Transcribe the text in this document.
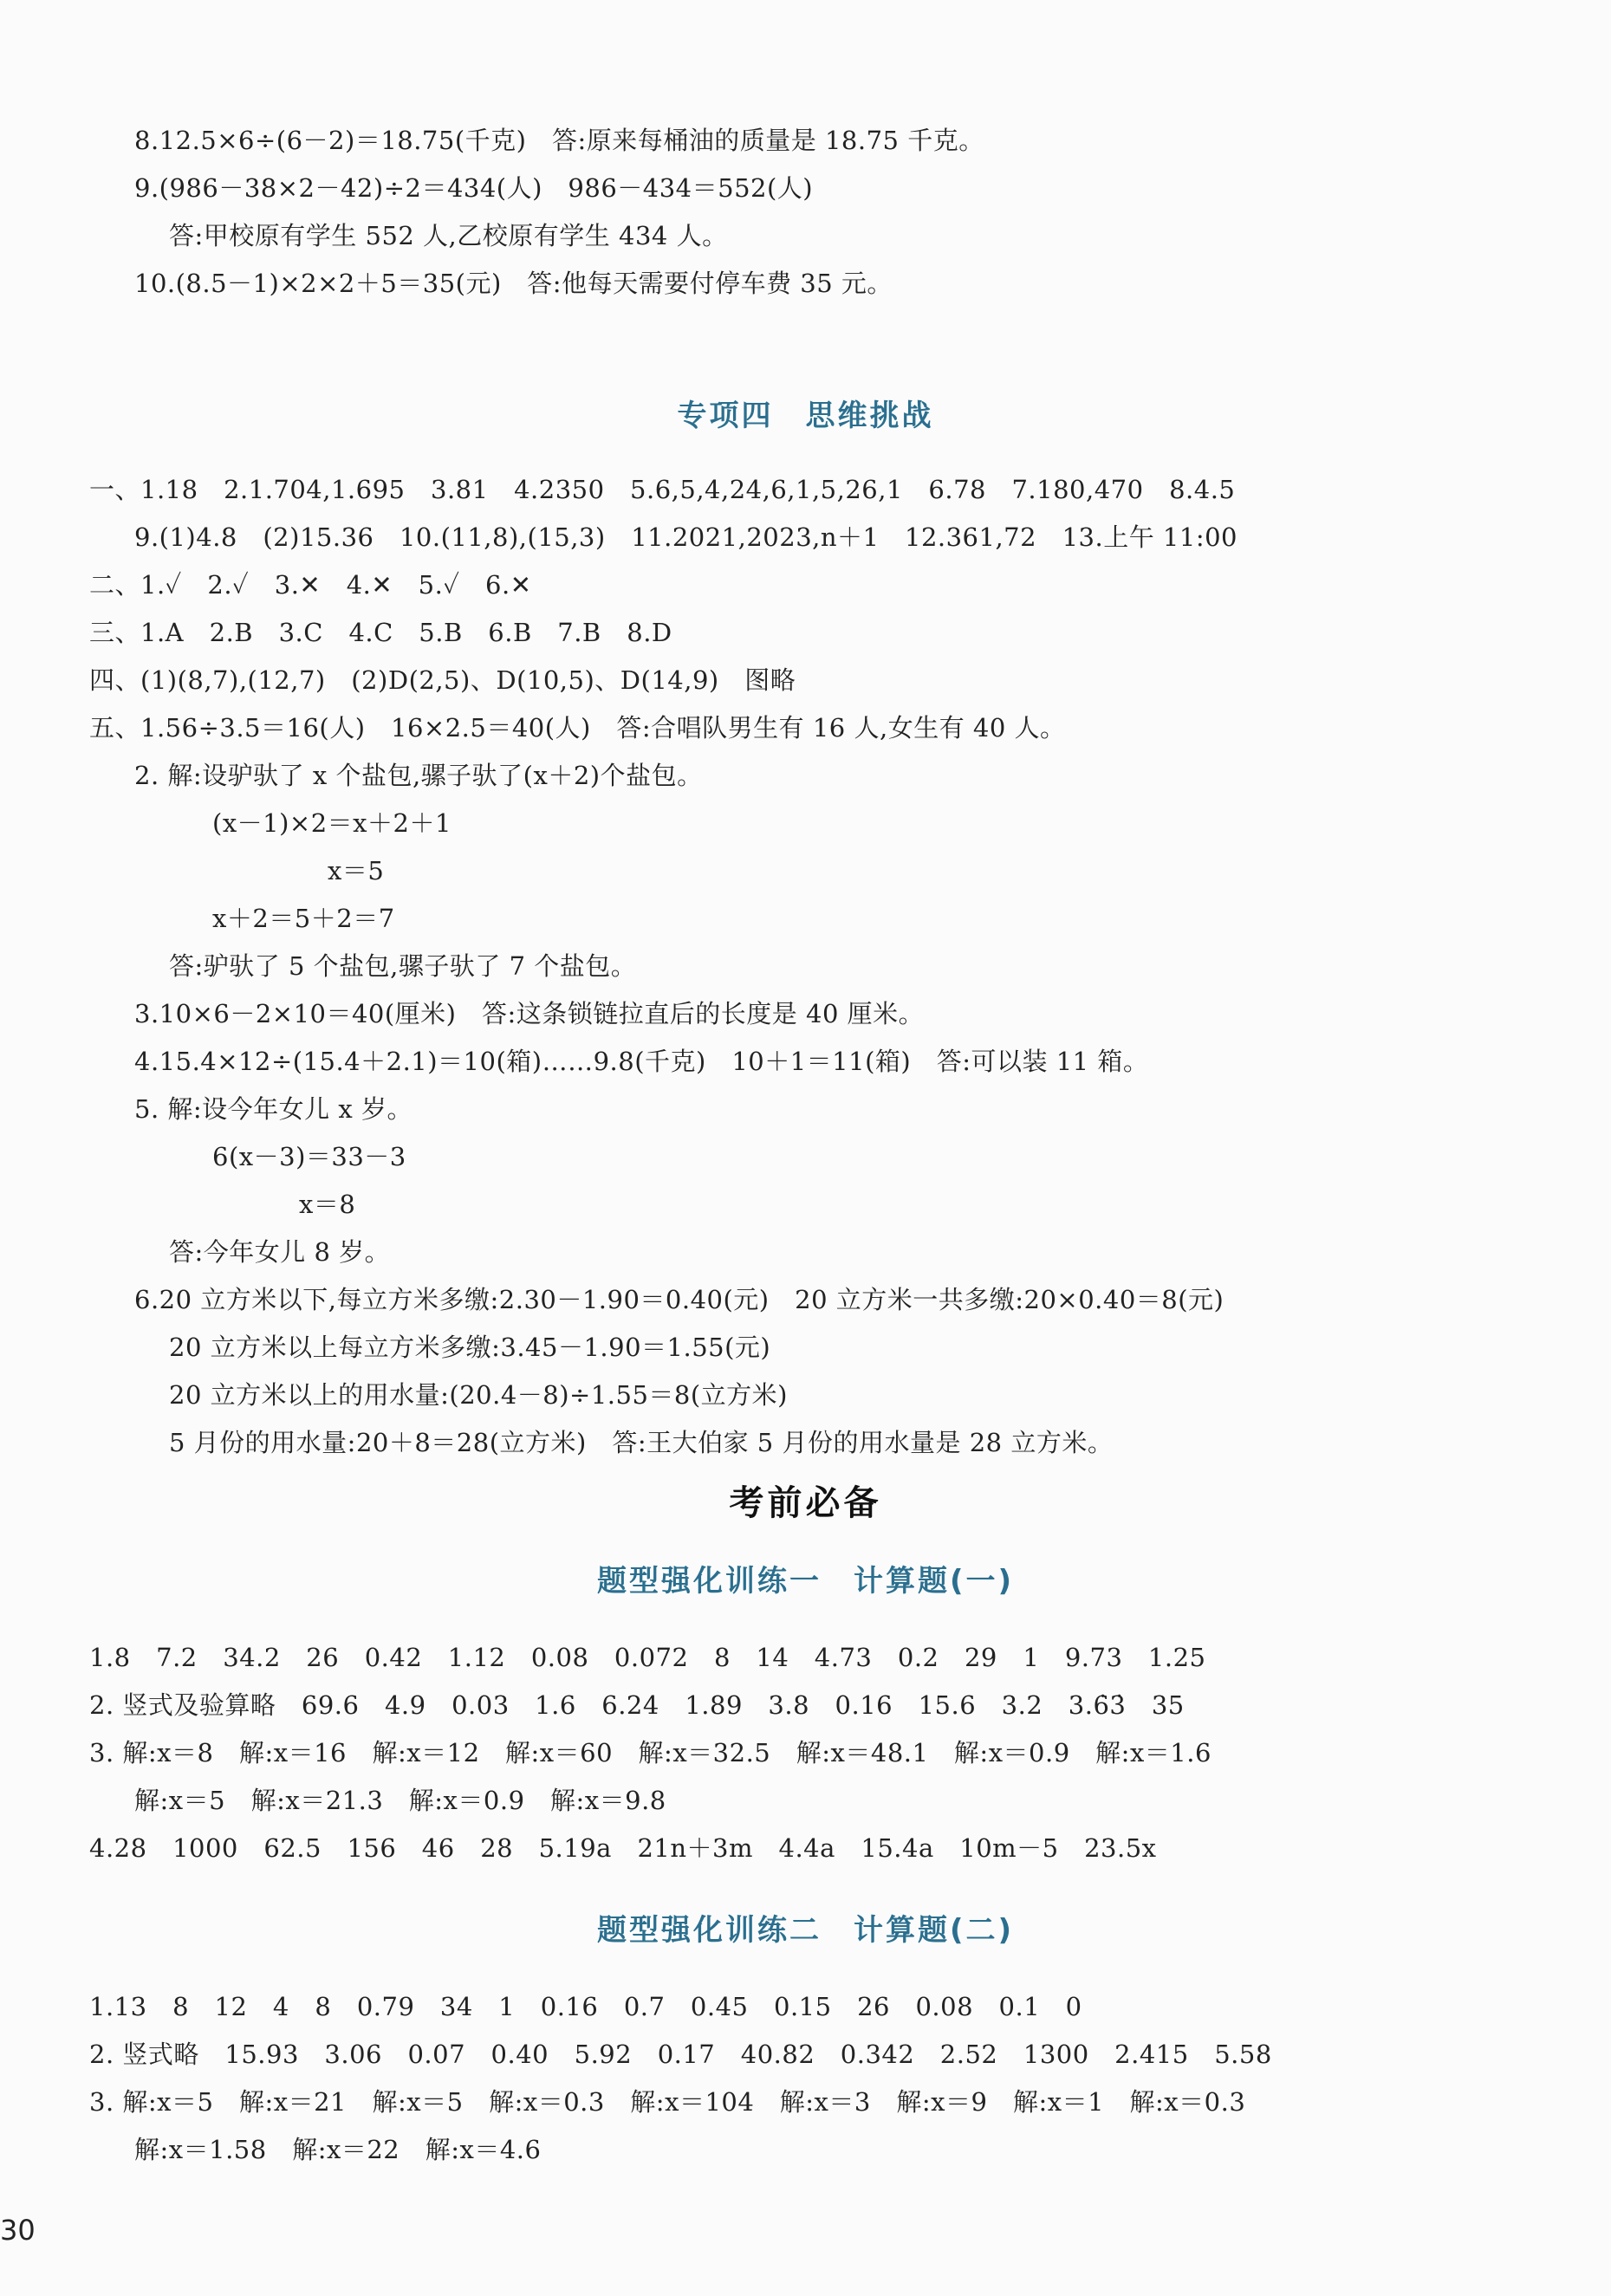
8.12.5×6÷(6－2)＝18.75(千克)　答:原来每桶油的质量是 18.75 千克。
9.(986－38×2－42)÷2＝434(人)　986－434＝552(人)
答:甲校原有学生 552 人,乙校原有学生 434 人。
10.(8.5－1)×2×2＋5＝35(元)　答:他每天需要付停车费 35 元。
专项四　思维挑战
一、1.18　2.1.704,1.695　3.81　4.2350　5.6,5,4,24,6,1,5,26,1　6.78　7.180,470　8.4.5
9.(1)4.8　(2)15.36　10.(11,8),(15,3)　11.2021,2023,n＋1　12.361,72　13.上午 11:00
二、1.✓　2.✓　3.✕　4.✕　5.✓　6.✕
三、1.A　2.B　3.C　4.C　5.B　6.B　7.B　8.D
四、(1)(8,7),(12,7)　(2)D(2,5)、D(10,5)、D(14,9)　图略
五、1.56÷3.5＝16(人)　16×2.5＝40(人)　答:合唱队男生有 16 人,女生有 40 人。
2. 解:设驴驮了 x 个盐包,骡子驮了(x＋2)个盐包。
(x－1)×2＝x＋2＋1
x＝5
x＋2＝5＋2＝7
答:驴驮了 5 个盐包,骡子驮了 7 个盐包。
3.10×6－2×10＝40(厘米)　答:这条锁链拉直后的长度是 40 厘米。
4.15.4×12÷(15.4＋2.1)＝10(箱)……9.8(千克)　10＋1＝11(箱)　答:可以装 11 箱。
5. 解:设今年女儿 x 岁。
6(x－3)＝33－3
x＝8
答:今年女儿 8 岁。
6.20 立方米以下,每立方米多缴:2.30－1.90＝0.40(元)　20 立方米一共多缴:20×0.40＝8(元)
20 立方米以上每立方米多缴:3.45－1.90＝1.55(元)
20 立方米以上的用水量:(20.4－8)÷1.55＝8(立方米)
5 月份的用水量:20＋8＝28(立方米)　答:王大伯家 5 月份的用水量是 28 立方米。
考前必备
题型强化训练一　计算题(一)
1.8　7.2　34.2　26　0.42　1.12　0.08　0.072　8　14　4.73　0.2　29　1　9.73　1.25
2. 竖式及验算略　69.6　4.9　0.03　1.6　6.24　1.89　3.8　0.16　15.6　3.2　3.6̇3̇　35
3. 解:x＝8　解:x＝16　解:x＝12　解:x＝60　解:x＝32.5　解:x＝48.1　解:x＝0.9　解:x＝1.6
解:x＝5　解:x＝21.3　解:x＝0.9　解:x＝9.8
4.28　1000　62.5　156　46　28　5.19a　21n＋3m　4.4a　15.4a　10m－5　23.5x
题型强化训练二　计算题(二)
1.13　8　12　4　8　0.79　34　1　0.16　0.7　0.45　0.15　26　0.08　0.1　0
2. 竖式略　15.93　3.06　0.07　0.40　5.92　0.17　40.82　0.342　2.52　1300　2.415　5.58
3. 解:x＝5　解:x＝21　解:x＝5　解:x＝0.3　解:x＝104　解:x＝3　解:x＝9　解:x＝1　解:x＝0.3
解:x＝1.58　解:x＝22　解:x＝4.6
30
